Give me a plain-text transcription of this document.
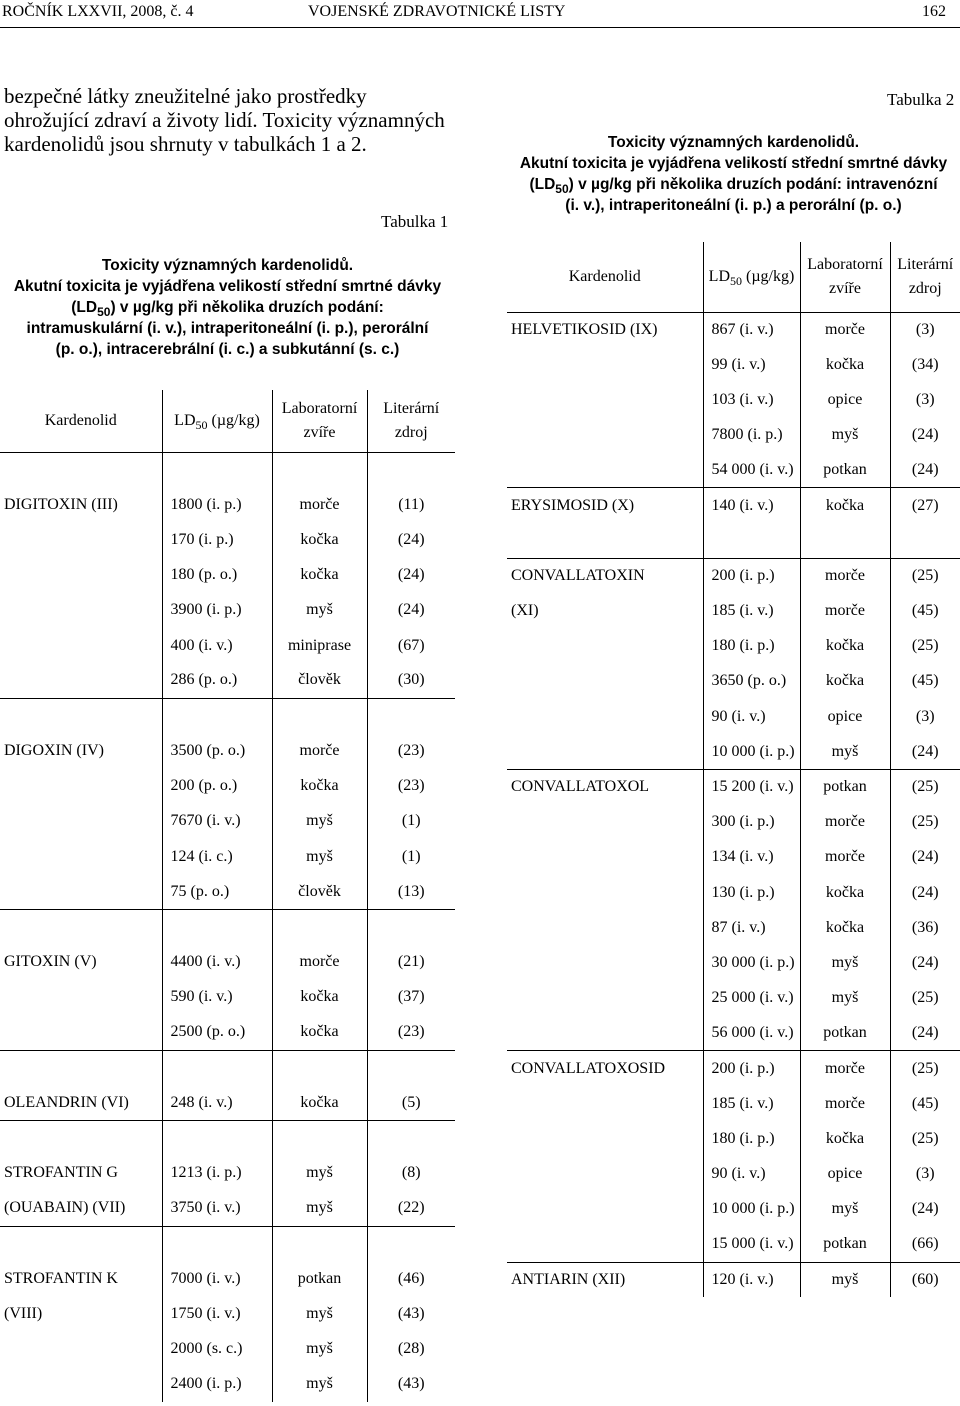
ROČNÍK LXXVII, 2008, č. 4	VOJENSKÉ ZDRAVOTNICKÉ LISTY	162

bezpečné látky zneužitelné jako prostředky ohrožující zdraví a životy lidí. Toxicity významných kardenolidů jsou shrnuty v tabulkách 1 a 2.

Tabulka 1
Toxicity významných kardenolidů.
Akutní toxicita je vyjádřena velikostí střední smrtné dávky
$(LD_{50})$ v µg/kg při několika druzích podání:
intramuskulární (i. v.), intraperitoneální (i. p.), perorální
(p. o.), intracerebrální (i. c.) a subkutánní (s. c.)
Kardenolid	$LD_{50}$ (µg/kg)	Laboratorní zvíře	Literární zdroj

DIGITOXIN (III)	1800 (i. p.)	morče	(11)
	170 (i. p.)	kočka	(24)
	180 (p. o.)	kočka	(24)
	3900 (i. p.)	myš	(24)
	400 (i. v.)	miniprase	(67)
	286 (p. o.)	člověk	(30)

DIGOXIN (IV)	3500 (p. o.)	morče	(23)
	200 (p. o.)	kočka	(23)
	7670 (i. v.)	myš	(1)
	124 (i. c.)	myš	(1)
	75 (p. o.)	člověk	(13)

GITOXIN (V)	4400 (i. v.)	morče	(21)
	590 (i. v.)	kočka	(37)
	2500 (p. o.)	kočka	(23)

OLEANDRIN (VI)	248 (i. v.)	kočka	(5)

STROFANTIN G	1213 (i. p.)	myš	(8)
(OUABAIN) (VII)	3750 (i. v.)	myš	(22)

STROFANTIN K	7000 (i. v.)	potkan	(46)
(VIII)	1750 (i. v.)	myš	(43)
	2000 (s. c.)	myš	(28)
	2400 (i. p.)	myš	(43)
Tabulka 2
Toxicity významných kardenolidů.
Akutní toxicita je vyjádřena velikostí střední smrtné dávky
$(LD_{50})$ v µg/kg při několika druzích podání: intravenózní
(i. v.), intraperitoneální (i. p.) a perorální (p. o.)
Kardenolid	$LD_{50}$ (µg/kg)	Laboratorní zvíře	Literární zdroj
HELVETIKOSID (IX)	867 (i. v.)	morče	(3)
	99 (i. v.)	kočka	(34)
	103 (i. v.)	opice	(3)
	7800 (i. p.)	myš	(24)
	54 000 (i. v.)	potkan	(24)
ERYSIMOSID (X)	140 (i. v.)	kočka	(27)

CONVALLATOXIN	200 (i. p.)	morče	(25)
(XI)	185 (i. v.)	morče	(45)
	180 (i. p.)	kočka	(25)
	3650 (p. o.)	kočka	(45)
	90 (i. v.)	opice	(3)
	10 000 (i. p.)	myš	(24)
CONVALLATOXOL	15 200 (i. v.)	potkan	(25)
	300 (i. p.)	morče	(25)
	134 (i. v.)	morče	(24)
	130 (i. p.)	kočka	(24)
	87 (i. v.)	kočka	(36)
	30 000 (i. p.)	myš	(24)
	25 000 (i. v.)	myš	(25)
	56 000 (i. v.)	potkan	(24)
CONVALLATOXOSID	200 (i. p.)	morče	(25)
	185 (i. v.)	morče	(45)
	180 (i. p.)	kočka	(25)
	90 (i. v.)	opice	(3)
	10 000 (i. p.)	myš	(24)
	15 000 (i. v.)	potkan	(66)
ANTIARIN (XII)	120 (i. v.)	myš	(60)
